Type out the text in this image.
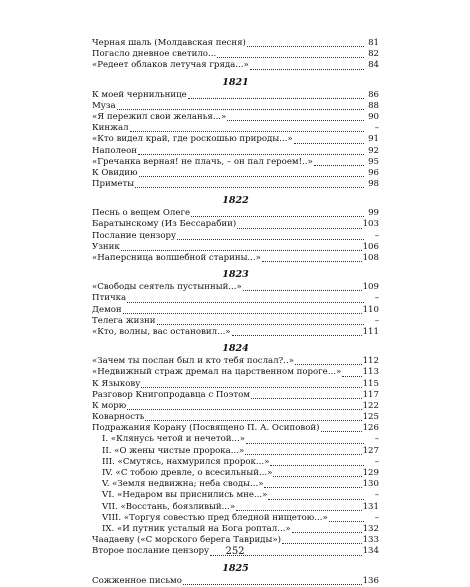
Черная шаль (Молдавская песня)	81
Погасло дневное светило...	82
«Редеет облаков летучая гряда...»	84
1821
К моей чернильнице	86
Муза	88
«Я пережил свои желанья...»	90
Кинжал	–
«Кто видел край, где роскошью природы...»	91
Наполеон	92
«Гречанка верная! не плачь, – он пал героем!..»	95
К Овидию	96
Приметы	98
1822
Песнь о вещем Олеге	99
Баратынскому (Из Бессарабии)	103
Послание цензору	–
Узник	106
«Наперсница волшебной старины...»	108
1823
«Свободы сеятель пустынный...»	109
Птичка	–
Демон	110
Телега жизни	–
«Кто, волны, вас остановил...»	111
1824
«Зачем ты послан был и кто тебя послал?..»	112
«Недвижный страж дремал на царственном пороге...» 113
К Языкову	115
Разговор Книгопродавца с Поэтом	117
К морю	122
Коварность	125
Подражания Корану (Посвящено П. А. Осиповой)	126
I. «Клянусь четой и нечетой...»	–
II. «О жены чистые пророка...»	127
III. «Смутясь, нахмурился пророк...»	–
IV. «С тобою древле, о всесильный...»	129
V. «Земля недвижна; неба своды...»	130
VI. «Недаром вы приснились мне...»	–
VII. «Восстань, боязливый...»	131
VIII. «Торгуя совестью пред бледной нищетою...»	–
IX. «И путник усталый на Бога роптал...»	132
Чаадаеву («С морского берега Тавриды»)	133
Второе послание цензору	134
1825
Сожженное письмо	136
252
